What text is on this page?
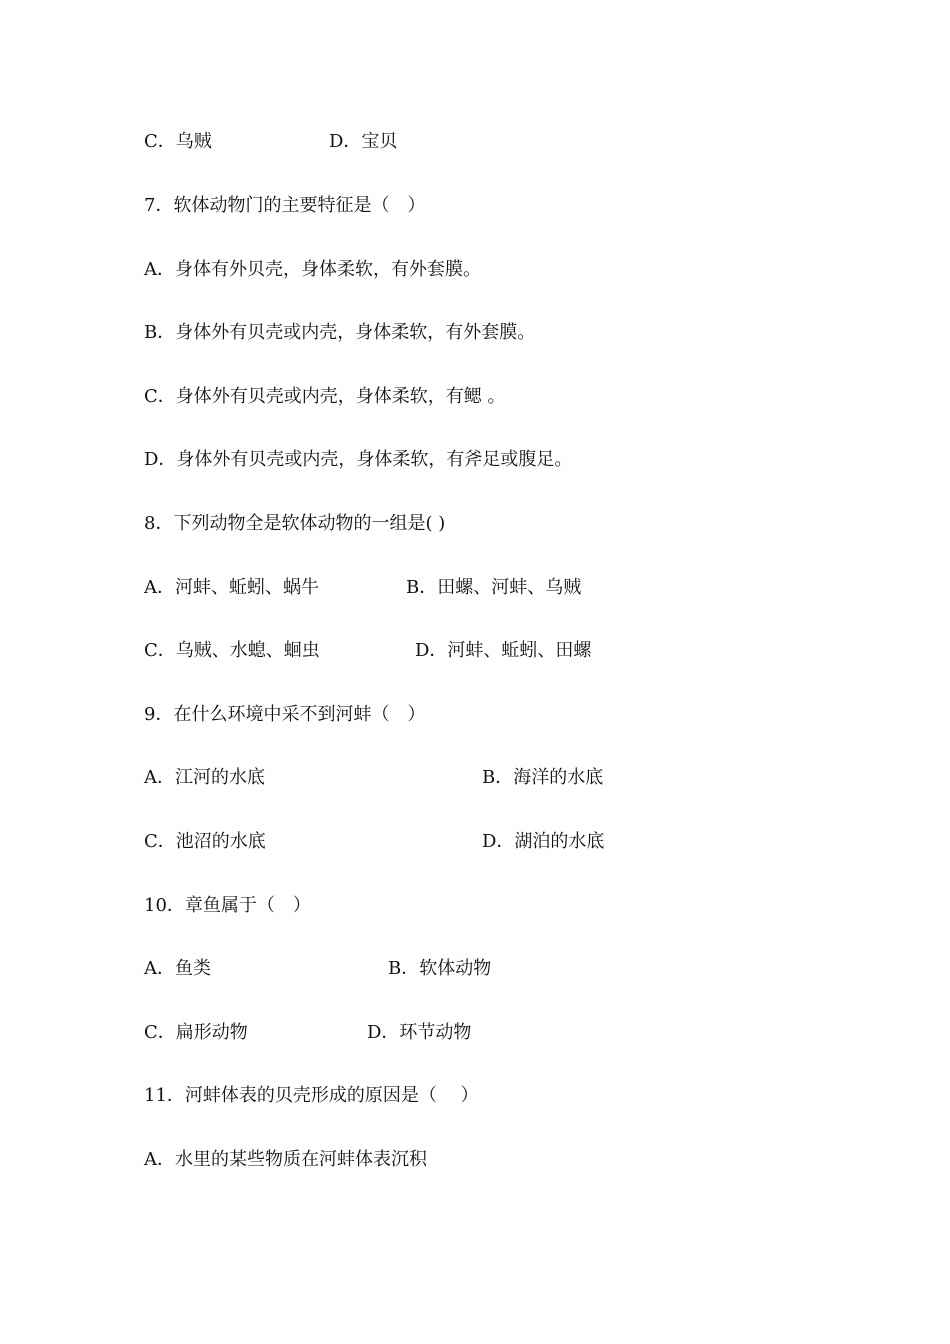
C．乌贼	D．宝贝
7．软体动物门的主要特征是（　）
A．身体有外贝壳，身体柔软，有外套膜。
B．身体外有贝壳或内壳，身体柔软，有外套膜。
C．身体外有贝壳或内壳，身体柔软，有鳃 。
D．身体外有贝壳或内壳，身体柔软，有斧足或腹足。
8．下列动物全是软体动物的一组是( )
A．河蚌、蚯蚓、蜗牛	B．田螺、河蚌、乌贼
C．乌贼、水螅、蛔虫	D．河蚌、蚯蚓、田螺
9．在什么环境中采不到河蚌（　）
A．江河的水底	B．海洋的水底
C．池沼的水底	D．湖泊的水底
10．章鱼属于（　）
A．鱼类	B．软体动物
C．扁形动物	D．环节动物
11．河蚌体表的贝壳形成的原因是（　 ）
A．水里的某些物质在河蚌体表沉积
